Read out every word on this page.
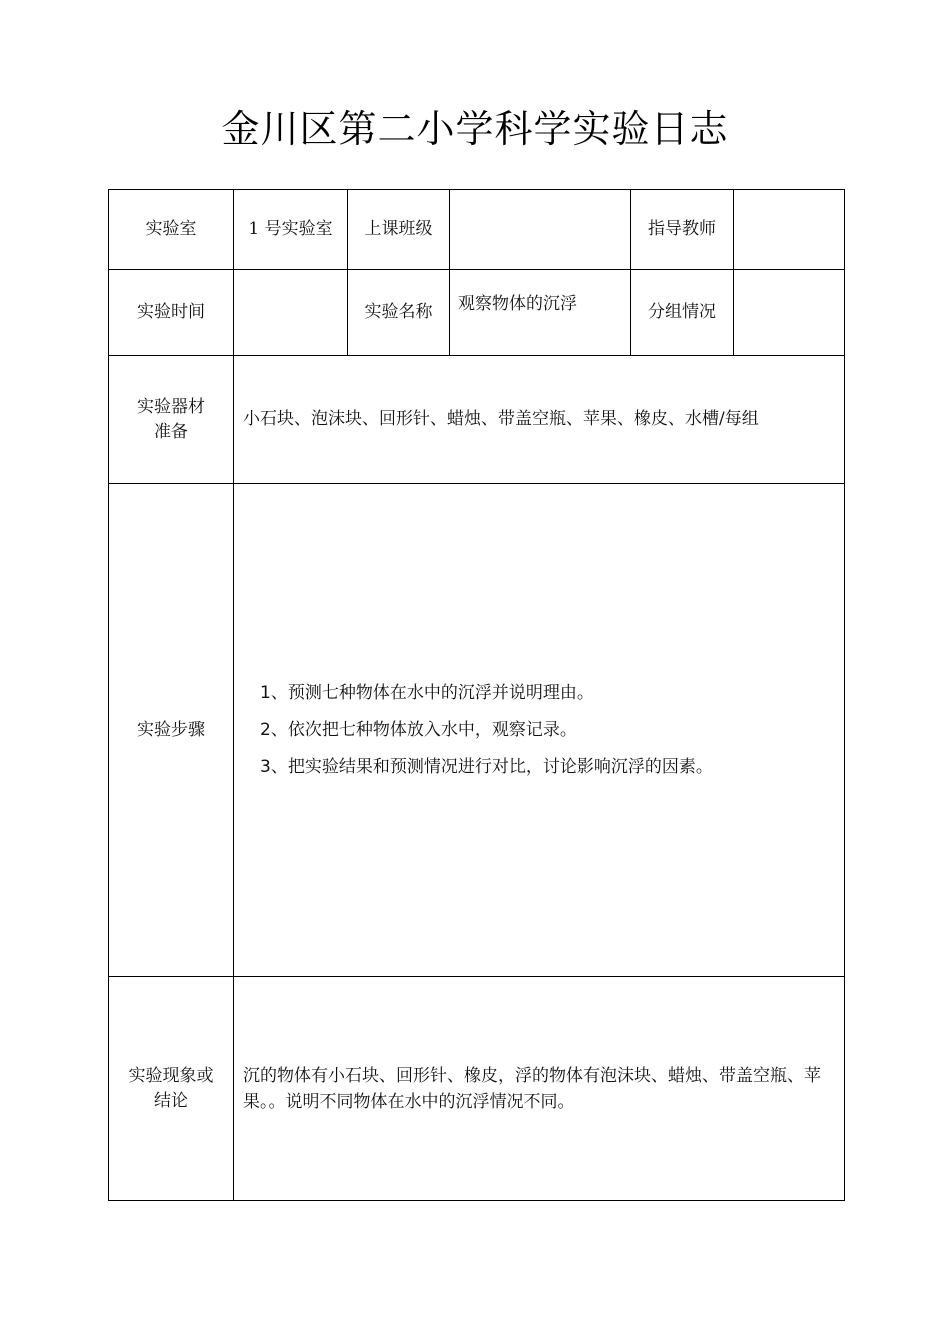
金川区第二小学科学实验日志
实验室	1 号实验室	上课班级		指导教师	
实验时间		实验名称	观察物体的沉浮	分组情况	

实验器材
准备	小石块、泡沫块、回形针、蜡烛、带盖空瓶、苹果、橡皮、水槽/每组				
实验步骤	1、预测七种物体在水中的沉浮并说明理由。
2、依次把七种物体放入水中，观察记录。
3、把实验结果和预测情况进行对比，讨论影响沉浮的因素。				

实验现象或
结论	沉的物体有小石块、回形针、橡皮，浮的物体有泡沫块、蜡烛、带盖空瓶、苹果。。说明不同物体在水中的沉浮情况不同。				
